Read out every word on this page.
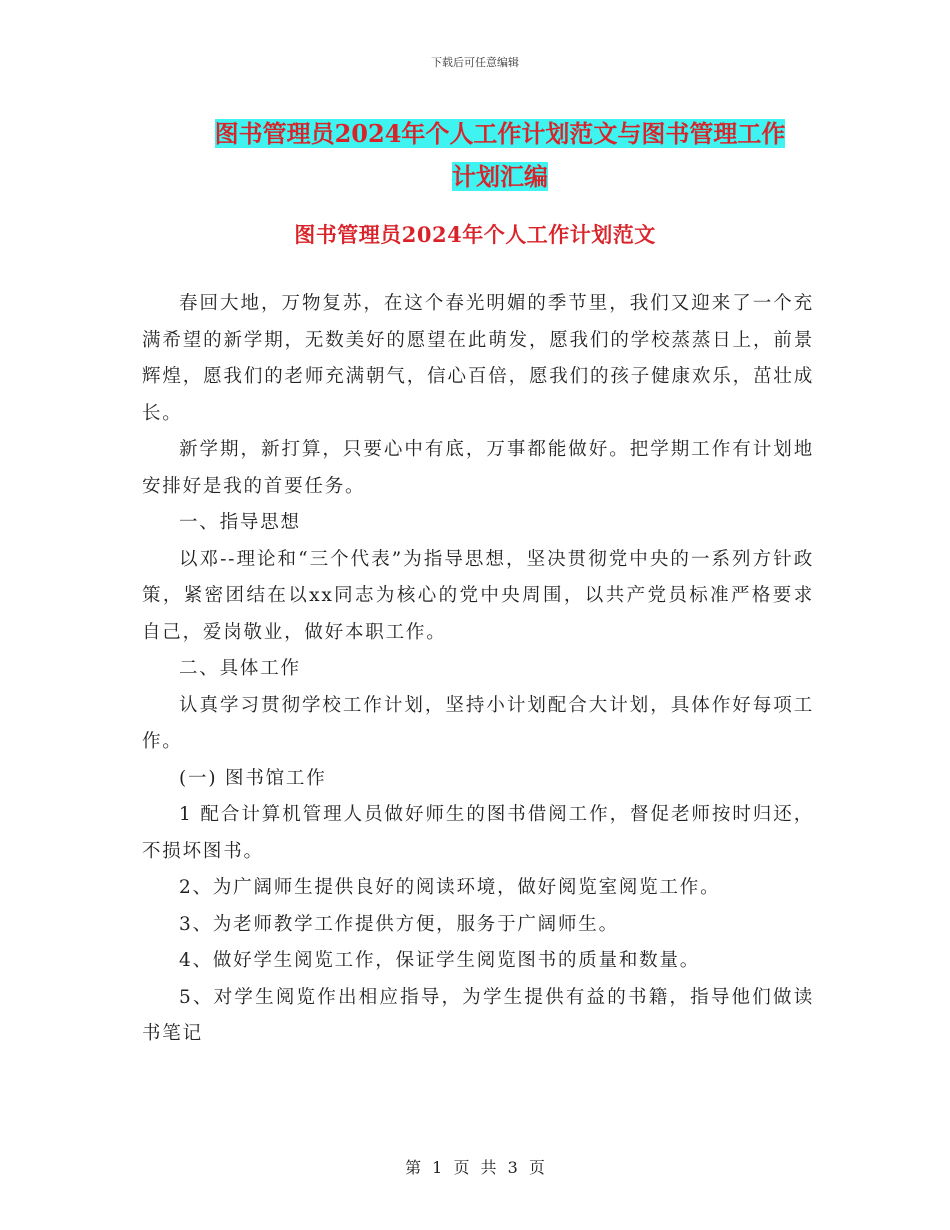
下载后可任意编辑
图书管理员2024年个人工作计划范文与图书管理工作
计划汇编
图书管理员2024年个人工作计划范文

春回大地，万物复苏，在这个春光明媚的季节里，我们又迎来了一个充满希望的新学期，无数美好的愿望在此萌发，愿我们的学校蒸蒸日上，前景辉煌，愿我们的老师充满朝气，信心百倍，愿我们的孩子健康欢乐，茁壮成长。

新学期，新打算，只要心中有底，万事都能做好。把学期工作有计划地安排好是我的首要任务。

一、指导思想

以邓--理论和“三个代表”为指导思想，坚决贯彻党中央的一系列方针政策，紧密团结在以xx同志为核心的党中央周围，以共产党员标准严格要求自己，爱岗敬业，做好本职工作。

二、具体工作

认真学习贯彻学校工作计划，坚持小计划配合大计划，具体作好每项工作。

(一) 图书馆工作

1 配合计算机管理人员做好师生的图书借阅工作，督促老师按时归还，不损坏图书。

2、为广阔师生提供良好的阅读环境，做好阅览室阅览工作。

3、为老师教学工作提供方便，服务于广阔师生。

4、做好学生阅览工作，保证学生阅览图书的质量和数量。

5、对学生阅览作出相应指导，为学生提供有益的书籍，指导他们做读书笔记

第 1 页 共 3 页
